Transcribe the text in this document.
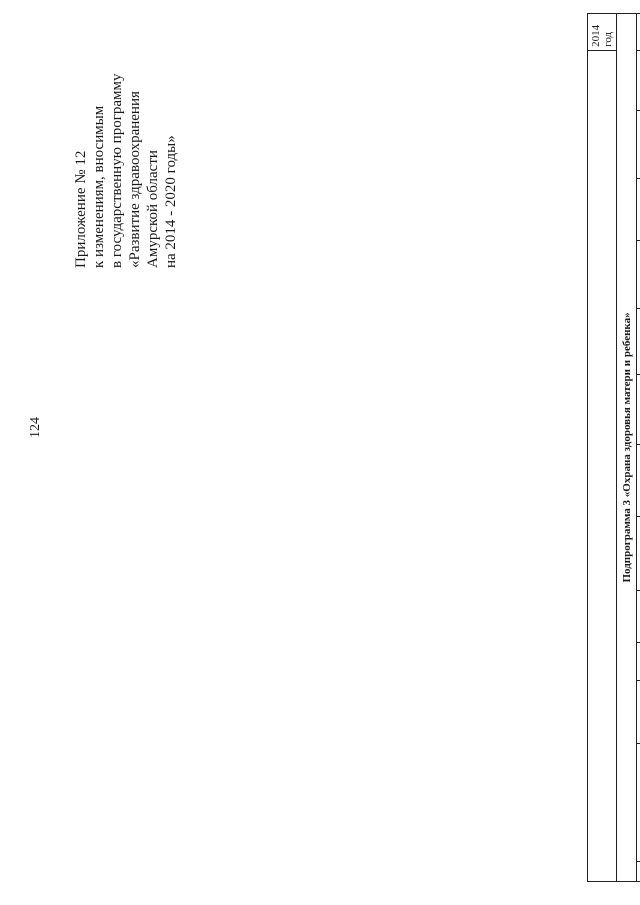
124
Приложение № 12 к изменениям, вносимым в государственную программу «Развитие здравоохранения Амурской области на 2014 - 2020 годы»
													2014 год
Подпрограмма 3 «Охрана здоровья матери и ребенка»													
